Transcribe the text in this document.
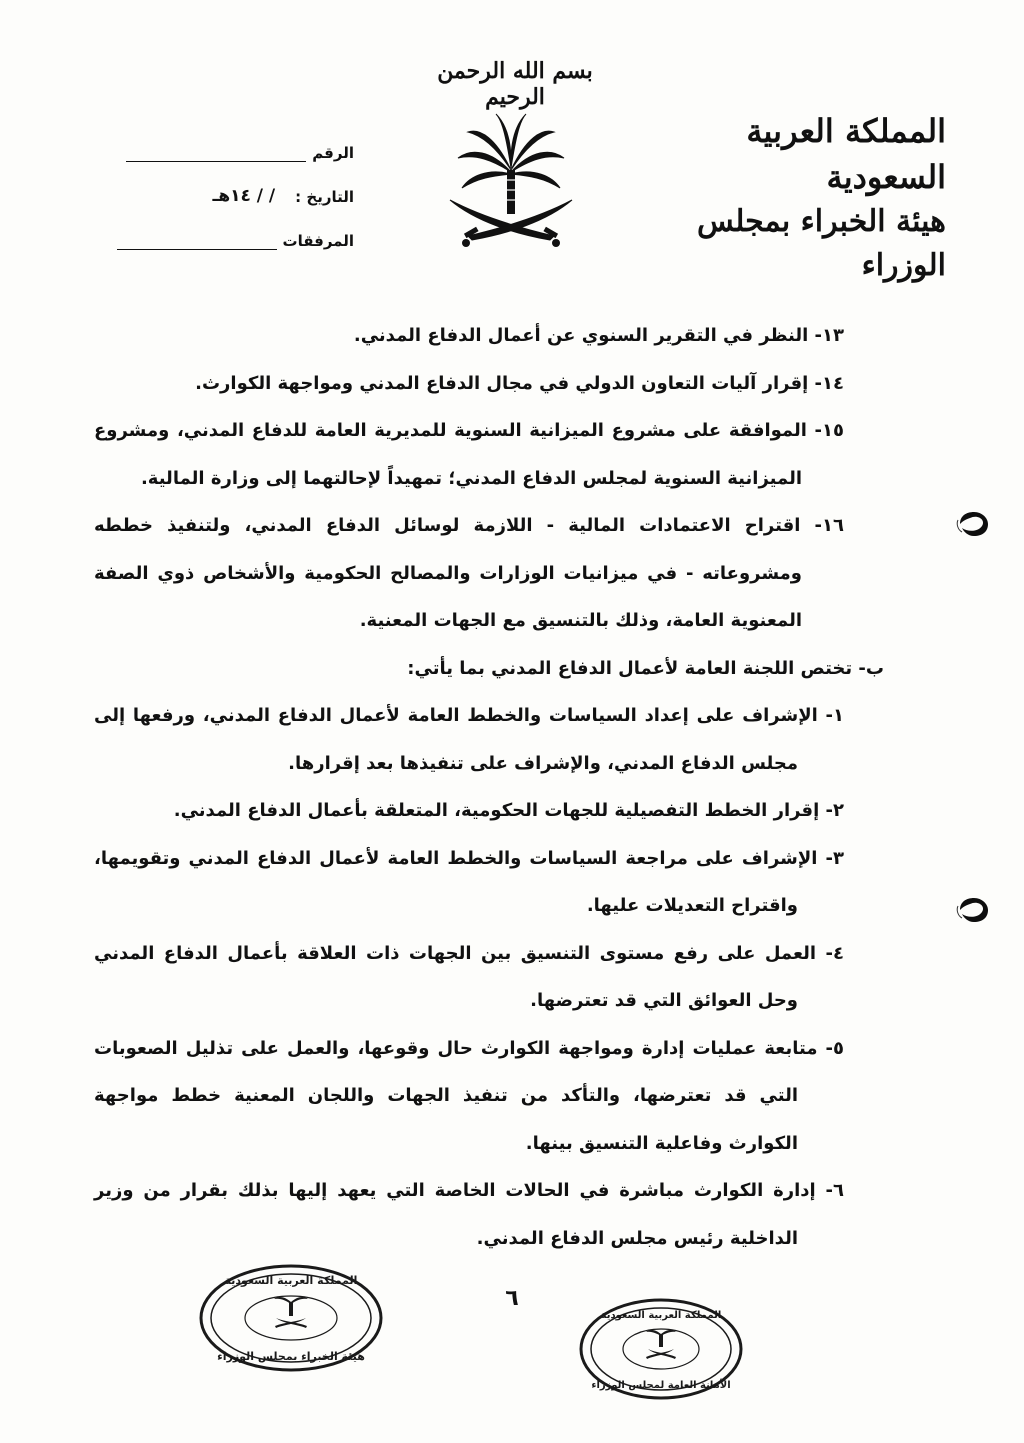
بسم الله الرحمن الرحيم
المملكة العربية السعودية
هيئة الخبراء بمجلس الوزراء
الرقم
التاريخ
:
/ / ١٤هـ
المرفقات

١٣- النظر في التقرير السنوي عن أعمال الدفاع المدني.

١٤- إقرار آليات التعاون الدولي في مجال الدفاع المدني ومواجهة الكوارث.

١٥- الموافقة على مشروع الميزانية السنوية للمديرية العامة للدفاع المدني، ومشروع الميزانية السنوية لمجلس الدفاع المدني؛ تمهيداً لإحالتهما إلى وزارة المالية.

١٦- اقتراح الاعتمادات المالية - اللازمة لوسائل الدفاع المدني، ولتنفيذ خططه ومشروعاته - في ميزانيات الوزارات والمصالح الحكومية والأشخاص ذوي الصفة المعنوية العامة، وذلك بالتنسيق مع الجهات المعنية.

ب- تختص اللجنة العامة لأعمال الدفاع المدني بما يأتي:

١- الإشراف على إعداد السياسات والخطط العامة لأعمال الدفاع المدني، ورفعها إلى مجلس الدفاع المدني، والإشراف على تنفيذها بعد إقرارها.

٢- إقرار الخطط التفصيلية للجهات الحكومية، المتعلقة بأعمال الدفاع المدني.

٣- الإشراف على مراجعة السياسات والخطط العامة لأعمال الدفاع المدني وتقويمها، واقتراح التعديلات عليها.

٤- العمل على رفع مستوى التنسيق بين الجهات ذات العلاقة بأعمال الدفاع المدني وحل العوائق التي قد تعترضها.

٥- متابعة عمليات إدارة ومواجهة الكوارث حال وقوعها، والعمل على تذليل الصعوبات التي قد تعترضها، والتأكد من تنفيذ الجهات واللجان المعنية خطط مواجهة الكوارث وفاعلية التنسيق بينها.

٦- إدارة الكوارث مباشرة في الحالات الخاصة التي يعهد إليها بذلك بقرار من وزير الداخلية رئيس مجلس الدفاع المدني.

٦
المملكة العربية السعودية
هيئة الخبراء بمجلس الوزراء
المملكة العربية السعودية
الأمانة العامة لمجلس الوزراء
